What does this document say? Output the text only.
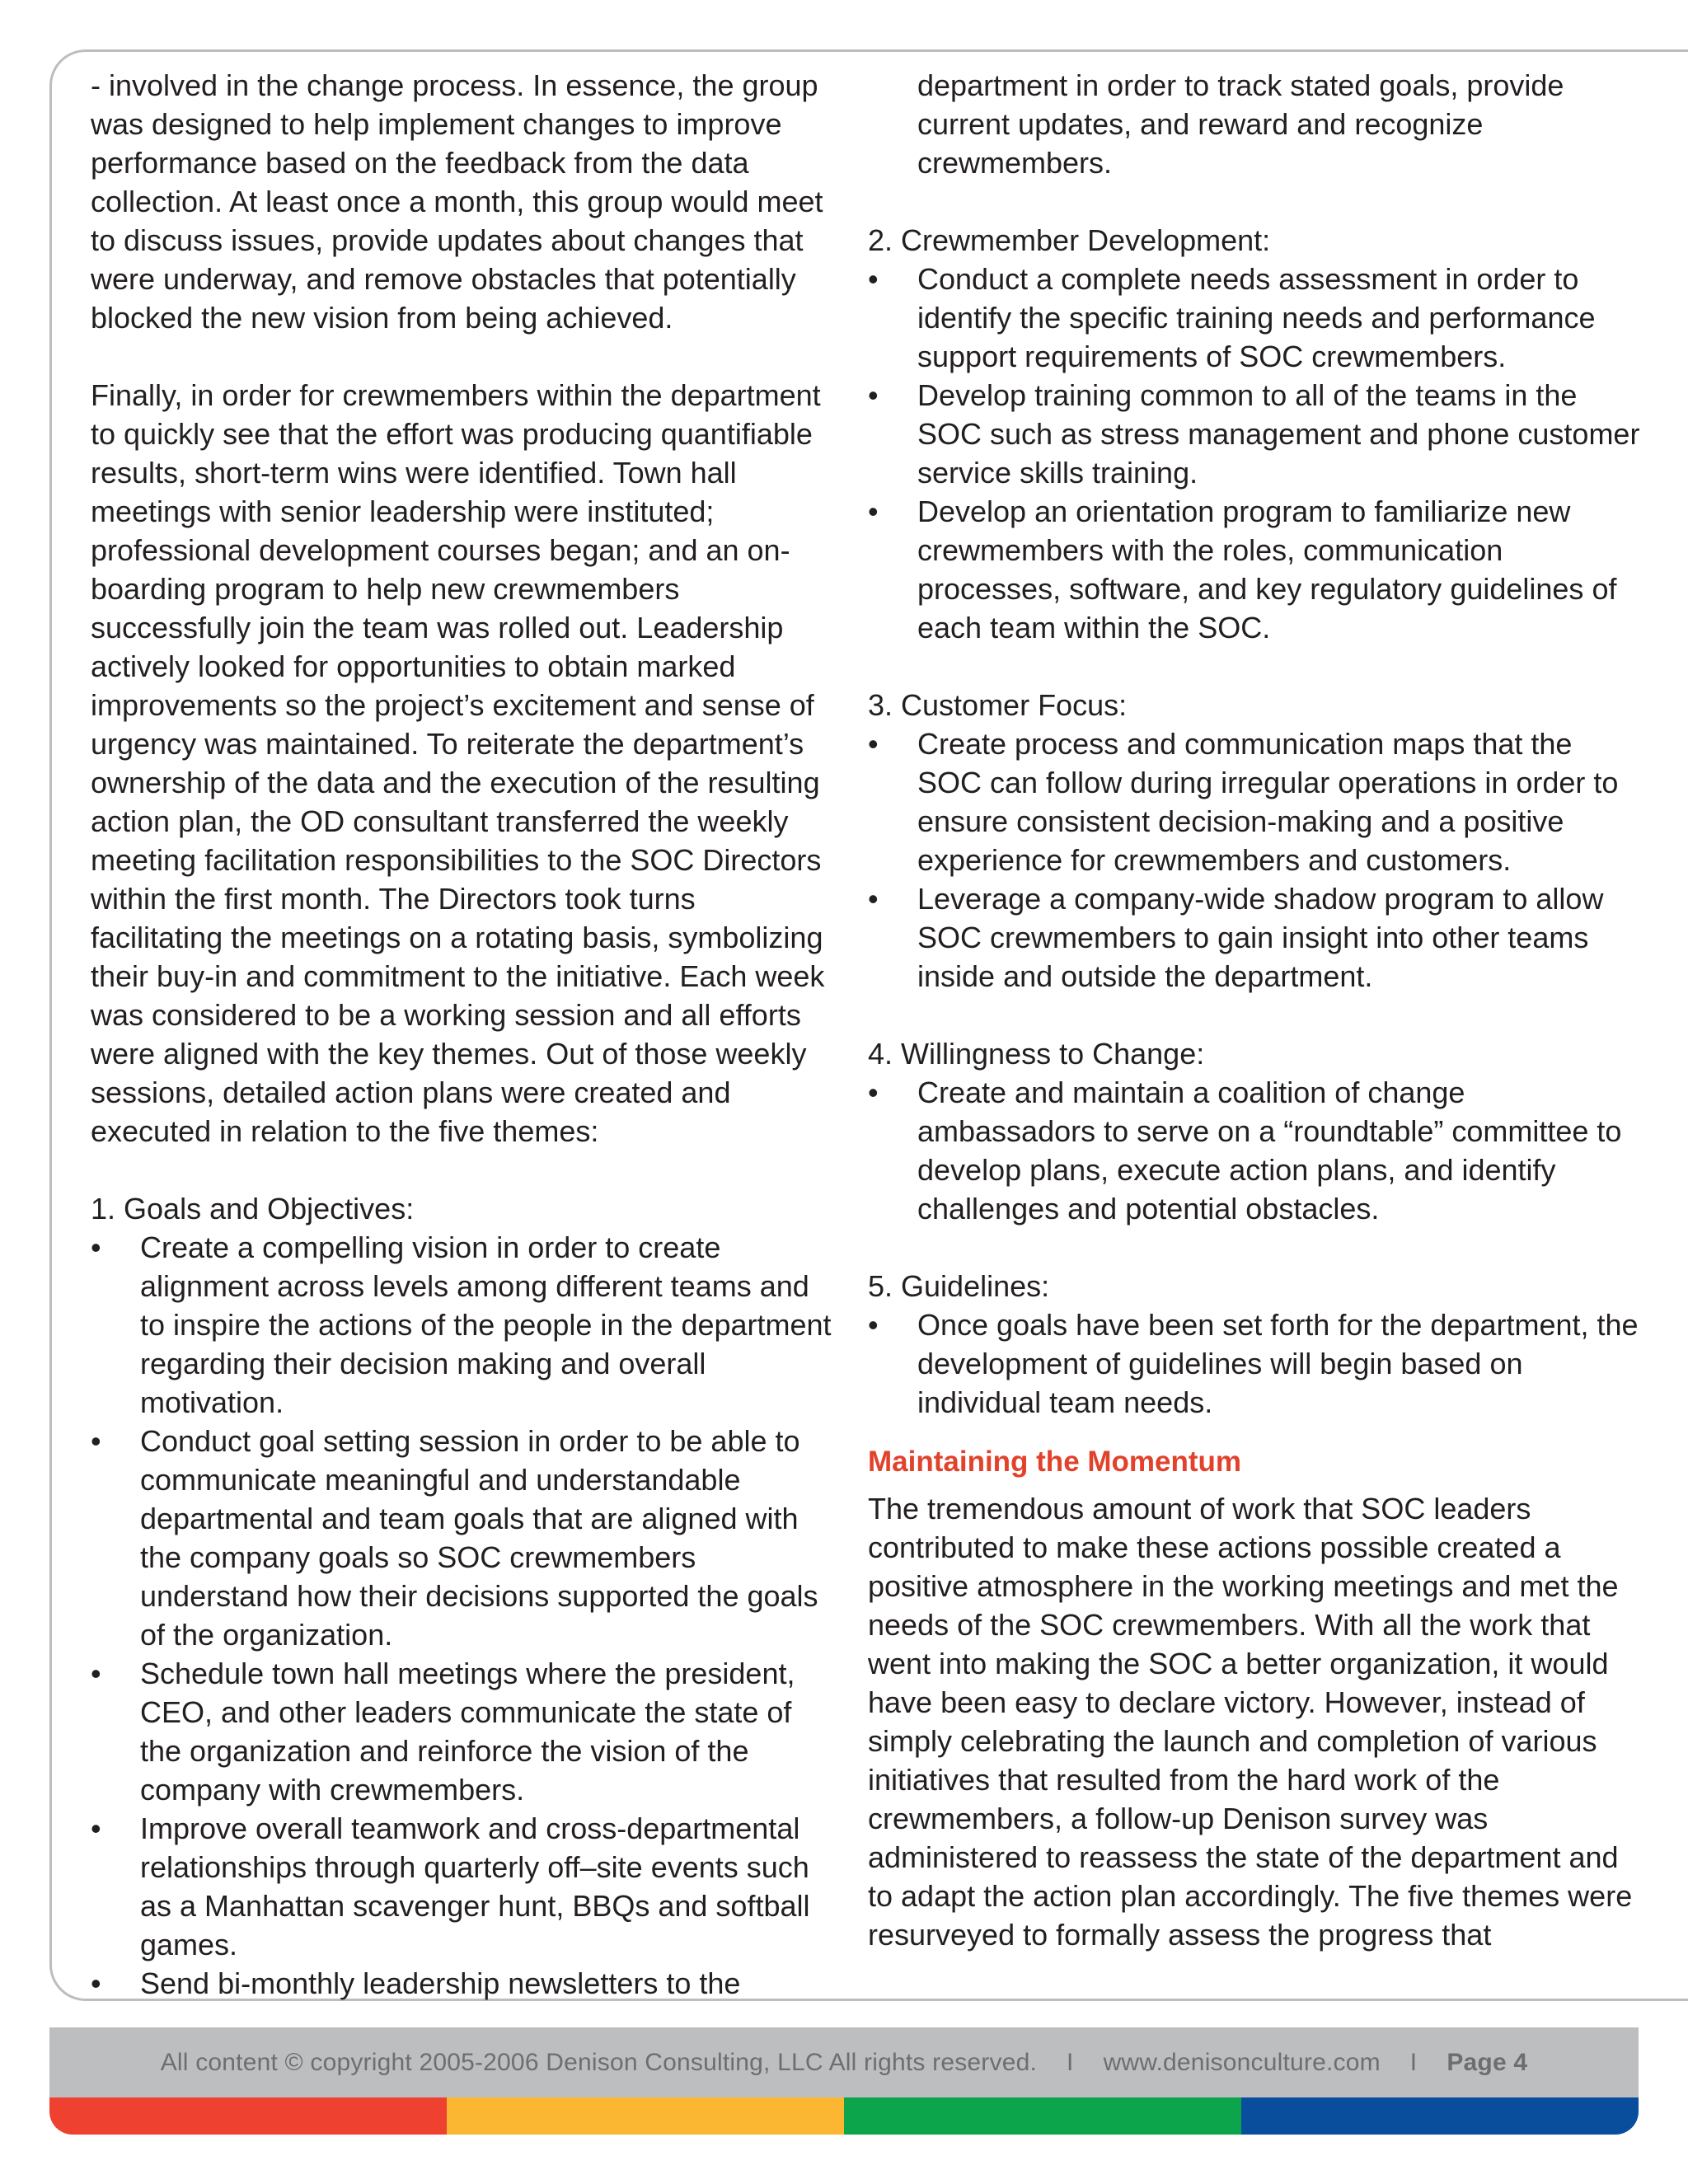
- involved in the change process. In essence, the group was designed to help implement changes to improve performance based on the feedback from the data collection. At least once a month, this group would meet to discuss issues, provide updates about changes that were underway, and remove obstacles that potentially blocked the new vision from being achieved.

Finally, in order for crewmembers within the department to quickly see that the effort was producing quantifiable results, short-term wins were identified. Town hall meetings with senior leadership were instituted; professional development courses began; and an on-boarding program to help new crewmembers successfully join the team was rolled out. Leadership actively looked for opportunities to obtain marked improvements so the project’s excitement and sense of urgency was maintained. To reiterate the department’s ownership of the data and the execution of the resulting action plan, the OD consultant transferred the weekly meeting facilitation responsibilities to the SOC Directors within the first month. The Directors took turns facilitating the meetings on a rotating basis, symbolizing their buy-in and commitment to the initiative. Each week was considered to be a working session and all efforts were aligned with the key themes. Out of those weekly sessions, detailed action plans were created and executed in relation to the five themes:

1. Goals and Objectives:

• Create a compelling vision in order to create alignment across levels among different teams and to inspire the actions of the people in the department regarding their decision making and overall motivation.
• Conduct goal setting session in order to be able to communicate meaningful and understandable departmental and team goals that are aligned with the company goals so SOC crewmembers understand how their decisions supported the goals of the organization.
• Schedule town hall meetings where the president, CEO, and other leaders communicate the state of the organization and reinforce the vision of the company with crewmembers.
• Improve overall teamwork and cross-departmental relationships through quarterly off–site events such as a Manhattan scavenger hunt, BBQs and softball games.
• Send bi-monthly leadership newsletters to the

department in order to track stated goals, provide current updates, and reward and recognize crewmembers.

2. Crewmember Development:

• Conduct a complete needs assessment in order to identify the specific training needs and performance support requirements of SOC crewmembers.
• Develop training common to all of the teams in the SOC such as stress management and phone customer service skills training.
• Develop an orientation program to familiarize new crewmembers with the roles, communication processes, software, and key regulatory guidelines of each team within the SOC.

3. Customer Focus:

• Create process and communication maps that the SOC can follow during irregular operations in order to ensure consistent decision-making and a positive experience for crewmembers and customers.
• Leverage a company-wide shadow program to allow SOC crewmembers to gain insight into other teams inside and outside the department.

4. Willingness to Change:

• Create and maintain a coalition of change ambassadors to serve on a “roundtable” committee to develop plans, execute action plans, and identify challenges and potential obstacles.

5. Guidelines:

• Once goals have been set forth for the department, the development of guidelines will begin based on individual team needs.
Maintaining the Momentum

The tremendous amount of work that SOC leaders contributed to make these actions possible created a positive atmosphere in the working meetings and met the needs of the SOC crewmembers. With all the work that went into making the SOC a better organization, it would have been easy to declare victory. However, instead of simply celebrating the launch and completion of various initiatives that resulted from the hard work of the crewmembers, a follow-up Denison survey was administered to reassess the state of the department and to adapt the action plan accordingly. The five themes were resurveyed to formally assess the progress that

All content © copyright 2005-2006 Denison Consulting, LLC All rights reserved. I www.denisonculture.com I Page 4
